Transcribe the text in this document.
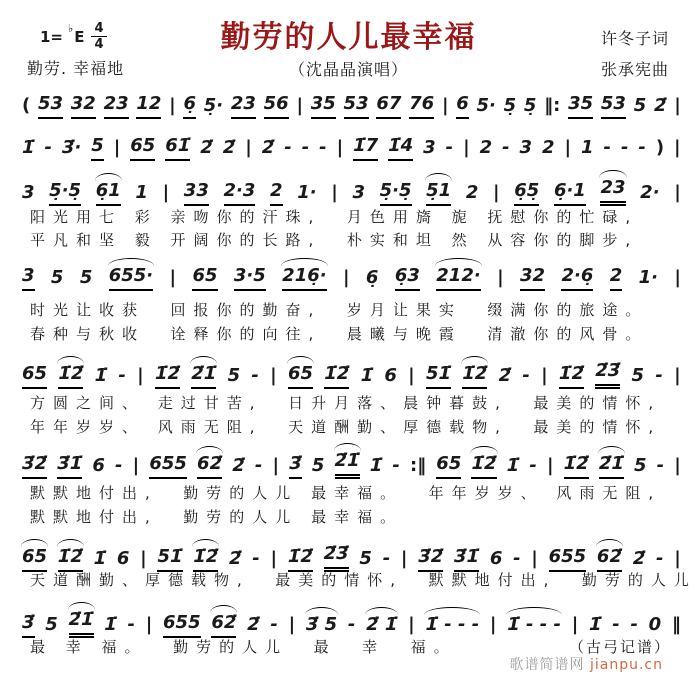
1= ♭ E $\frac{4}{4}$
勤劳. 幸福地
勤劳的人儿最幸福
（沈晶晶演唱）
许冬子词
张承宪曲
( 53 32 23 12 | 6̣ 5̣· 23 56 | 35 53 67 76 | 6 5· 5̣ 5̣ ‖: 35 53 5 2̇ |
1̇ - 3̇· 5 | 65 61̇ 2̇ 2̇ | 2̇ - - - | 1̇7 1̇4 3 - | 2 - 3 2 | 1 - - - ) |
3 5̣·5̣ 6̣1 1 | 33 2·3 2 1· | 3 5̣·5̣ 5̣1 2 | 6̣5̣ 6̣·1 23 2· |
阳光用七 彩 亲吻你的汗珠,  月色用旖 旎 抚慰你的忙碌,
平凡和坚 毅 开阔你的长路,  朴实和坦 然 从容你的脚步,
3 5 5 655· | 65 3·5 216̣· | 6̣ 6̣3 212· | 32 2·6̣ 2 1· |
时光让收获  回报你的勤奋,  岁月让果实  缀满你的旅途。
春种与秋收  诠释你的向往,  晨曦与晚霞  清澈你的风骨。
65 1̇2̇ 1̇ - | 1̇2̇ 2̇1̇ 5 - | 65 1̇2̇ 1̇ 6 | 51̇ 1̇2̇ 2̇ - | 1̇2̇ 2̇3̇ 5 - |
方圆之间、 走过甘苦,  日升月落、晨钟暮鼓,  最美的情怀,
年年岁岁、 风雨无阻,  天道酬勤、厚德载物,  最美的情怀,
3̇2̇ 3̇1̇ 6 - | 655 62̇ 2̇ - | 3̇ 5 2̇1̇ 1̇ - :‖ 65 1̇2̇ 1̇ - | 1̇2̇ 2̇1̇ 5 - |
默默地付出,  勤劳的人儿 最幸福。  年年岁岁、 风雨无阻,
默默地付出,  勤劳的人儿 最幸福。
65 1̇2̇ 1̇ 6 | 51̇ 1̇2̇ 2̇ - | 1̇2̇ 2̇3̇ 5 - | 3̇2̇ 3̇1̇ 6 - | 655 62̇ 2̇ - |
天道酬勤、厚德载物,  最美的情怀,  默默地付出,  勤劳的人儿
3̇ 5 2̇1̇ 1̇ - | 655 62̇ 2̇ - | 3̇ 5 - 2̇ 1̇ | 1̇ - - - | 1̇ - - - | 1̇ - - 0 ‖
最 幸 福。  勤劳的人儿  最  幸  福。	（古弓记谱）
歌谱简谱网 jianpu.cn
